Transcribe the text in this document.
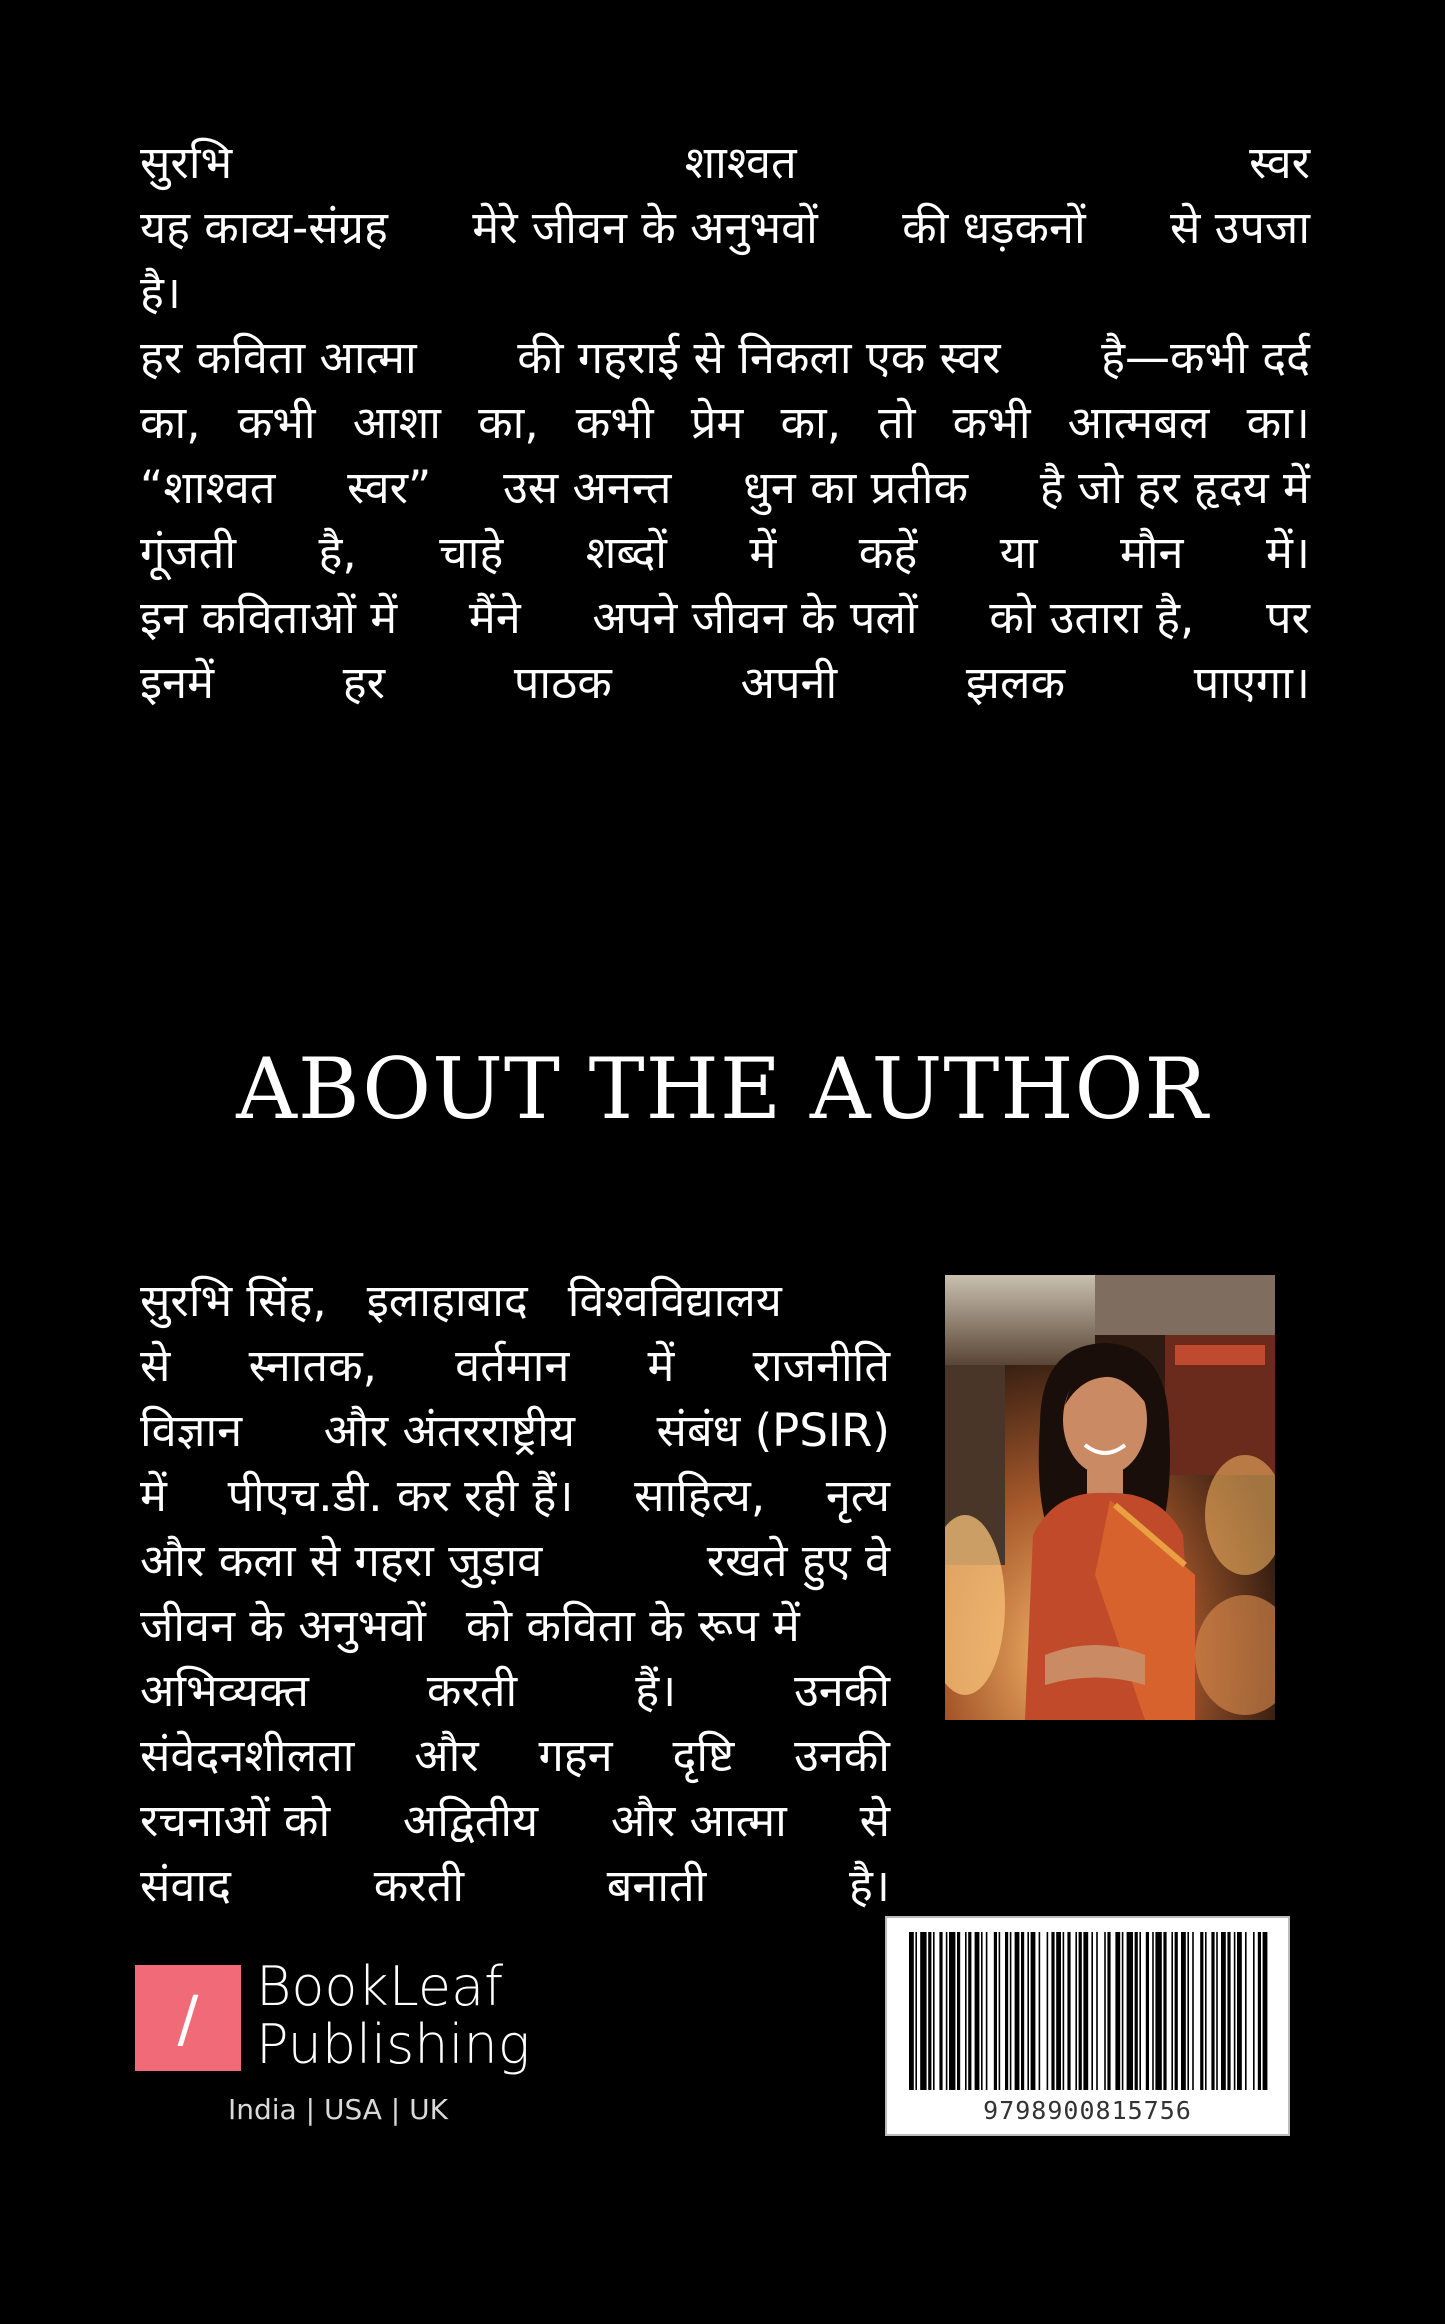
सुरभि	शाश्वत	स्वर
यह काव्य-संग्रह मेरे जीवन के अनुभवों की धड़कनों से उपजा
है।
हर कविता आत्मा की गहराई से निकला एक स्वर है—कभी दर्द
का, कभी आशा का, कभी प्रेम का, तो कभी आत्मबल का।
“शाश्वत स्वर” उस अनन्त धुन का प्रतीक है जो हर हृदय में
गूंजती है, चाहे शब्दों में कहें या मौन में।
इन कविताओं में मैंने अपने जीवन के पलों को उतारा है, पर
इनमें	हर	पाठक	अपनी	झलक	पाएगा।
ABOUT THE AUTHOR
सुरभि सिंह, इलाहाबाद विश्वविद्यालय
से स्नातक, वर्तमान में राजनीति
विज्ञान और अंतरराष्ट्रीय संबंध (PSIR)
में पीएच.डी. कर रही हैं। साहित्य, नृत्य
और कला से गहरा जुड़ाव	रखते हुए वे
जीवन के अनुभवों को कविता के रूप में
अभिव्यक्त	करती	हैं।	उनकी
संवेदनशीलता और गहन दृष्टि उनकी
रचनाओं को अद्वितीय और आत्मा से
संवाद	करती	बनाती	है।
/	BookLeaf
Publishing
India | USA | UK	9798900815756
